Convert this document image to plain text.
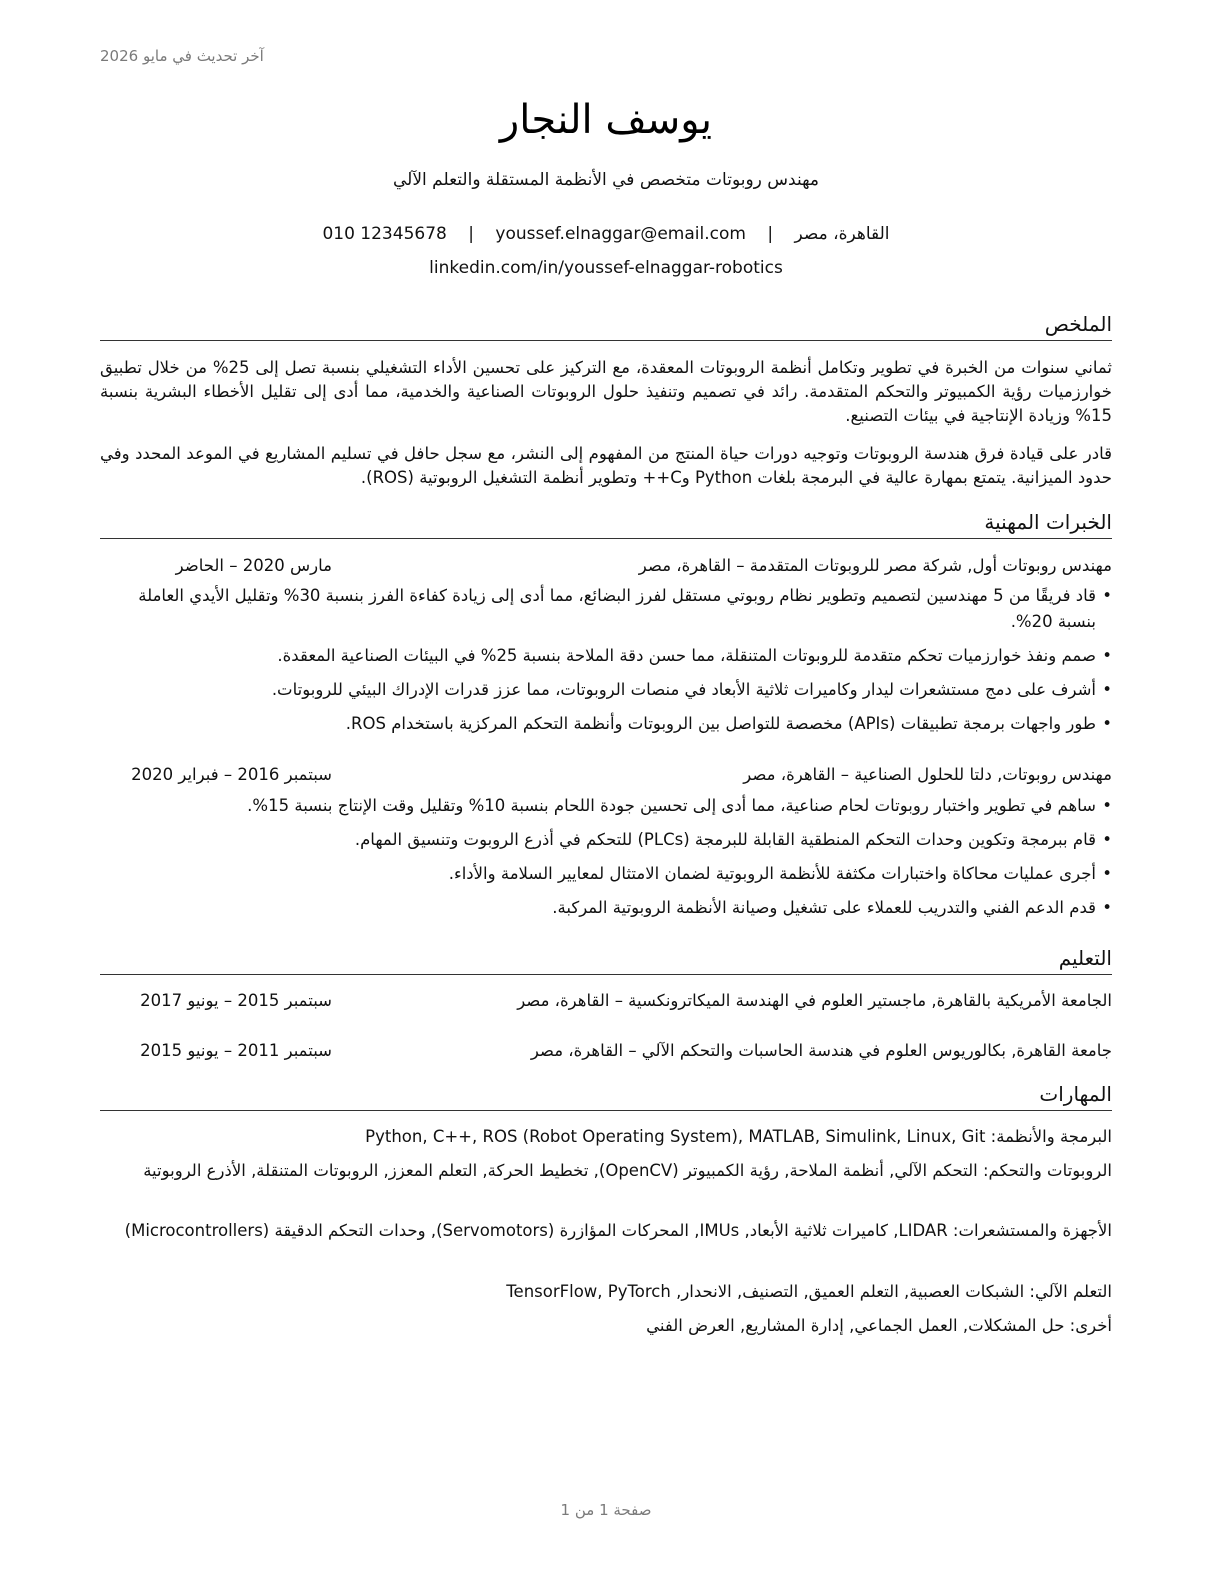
آخر تحديث في مايو 2026
يوسف النجار
مهندس روبوتات متخصص في الأنظمة المستقلة والتعلم الآلي
القاهرة، مصر | youssef.elnaggar@email.com | 010 12345678
linkedin.com/in/youssef-elnaggar-robotics
الملخص
ثماني سنوات من الخبرة في تطوير وتكامل أنظمة الروبوتات المعقدة، مع التركيز على تحسين الأداء التشغيلي بنسبة تصل إلى 25% من خلال تطبيق خوارزميات رؤية الكمبيوتر والتحكم المتقدمة. رائد في تصميم وتنفيذ حلول الروبوتات الصناعية والخدمية، مما أدى إلى تقليل الأخطاء البشرية بنسبة 15% وزيادة الإنتاجية في بيئات التصنيع.
قادر على قيادة فرق هندسة الروبوتات وتوجيه دورات حياة المنتج من المفهوم إلى النشر، مع سجل حافل في تسليم المشاريع في الموعد المحدد وفي حدود الميزانية. يتمتع بمهارة عالية في البرمجة بلغات Python وC++ وتطوير أنظمة التشغيل الروبوتية (ROS).
الخبرات المهنية
مهندس روبوتات أول, شركة مصر للروبوتات المتقدمة – القاهرة، مصر
مارس 2020 – الحاضر
• قاد فريقًا من 5 مهندسين لتصميم وتطوير نظام روبوتي مستقل لفرز البضائع، مما أدى إلى زيادة كفاءة الفرز بنسبة 30% وتقليل الأيدي العاملة بنسبة 20%.
• صمم ونفذ خوارزميات تحكم متقدمة للروبوتات المتنقلة، مما حسن دقة الملاحة بنسبة 25% في البيئات الصناعية المعقدة.
• أشرف على دمج مستشعرات ليدار وكاميرات ثلاثية الأبعاد في منصات الروبوتات، مما عزز قدرات الإدراك البيئي للروبوتات.
• طور واجهات برمجة تطبيقات (APIs) مخصصة للتواصل بين الروبوتات وأنظمة التحكم المركزية باستخدام ROS.
مهندس روبوتات, دلتا للحلول الصناعية – القاهرة، مصر
سبتمبر 2016 – فبراير 2020
• ساهم في تطوير واختبار روبوتات لحام صناعية، مما أدى إلى تحسين جودة اللحام بنسبة 10% وتقليل وقت الإنتاج بنسبة 15%.
• قام ببرمجة وتكوين وحدات التحكم المنطقية القابلة للبرمجة (PLCs) للتحكم في أذرع الروبوت وتنسيق المهام.
• أجرى عمليات محاكاة واختبارات مكثفة للأنظمة الروبوتية لضمان الامتثال لمعايير السلامة والأداء.
• قدم الدعم الفني والتدريب للعملاء على تشغيل وصيانة الأنظمة الروبوتية المركبة.
التعليم
الجامعة الأمريكية بالقاهرة, ماجستير العلوم في الهندسة الميكاترونكسية – القاهرة، مصر
سبتمبر 2015 – يونيو 2017
جامعة القاهرة, بكالوريوس العلوم في هندسة الحاسبات والتحكم الآلي – القاهرة، مصر
سبتمبر 2011 – يونيو 2015
المهارات
البرمجة والأنظمة: Python, C++, ROS (Robot Operating System), MATLAB, Simulink, Linux, Git
الروبوتات والتحكم: التحكم الآلي, أنظمة الملاحة, رؤية الكمبيوتر (OpenCV), تخطيط الحركة, التعلم المعزز, الروبوتات المتنقلة, الأذرع الروبوتية
الأجهزة والمستشعرات: LIDAR, كاميرات ثلاثية الأبعاد, IMUs, المحركات المؤازرة (Servomotors), وحدات التحكم الدقيقة (Microcontrollers)
التعلم الآلي: الشبكات العصبية, التعلم العميق, التصنيف, الانحدار, TensorFlow, PyTorch
أخرى: حل المشكلات, العمل الجماعي, إدارة المشاريع, العرض الفني
صفحة 1 من 1
